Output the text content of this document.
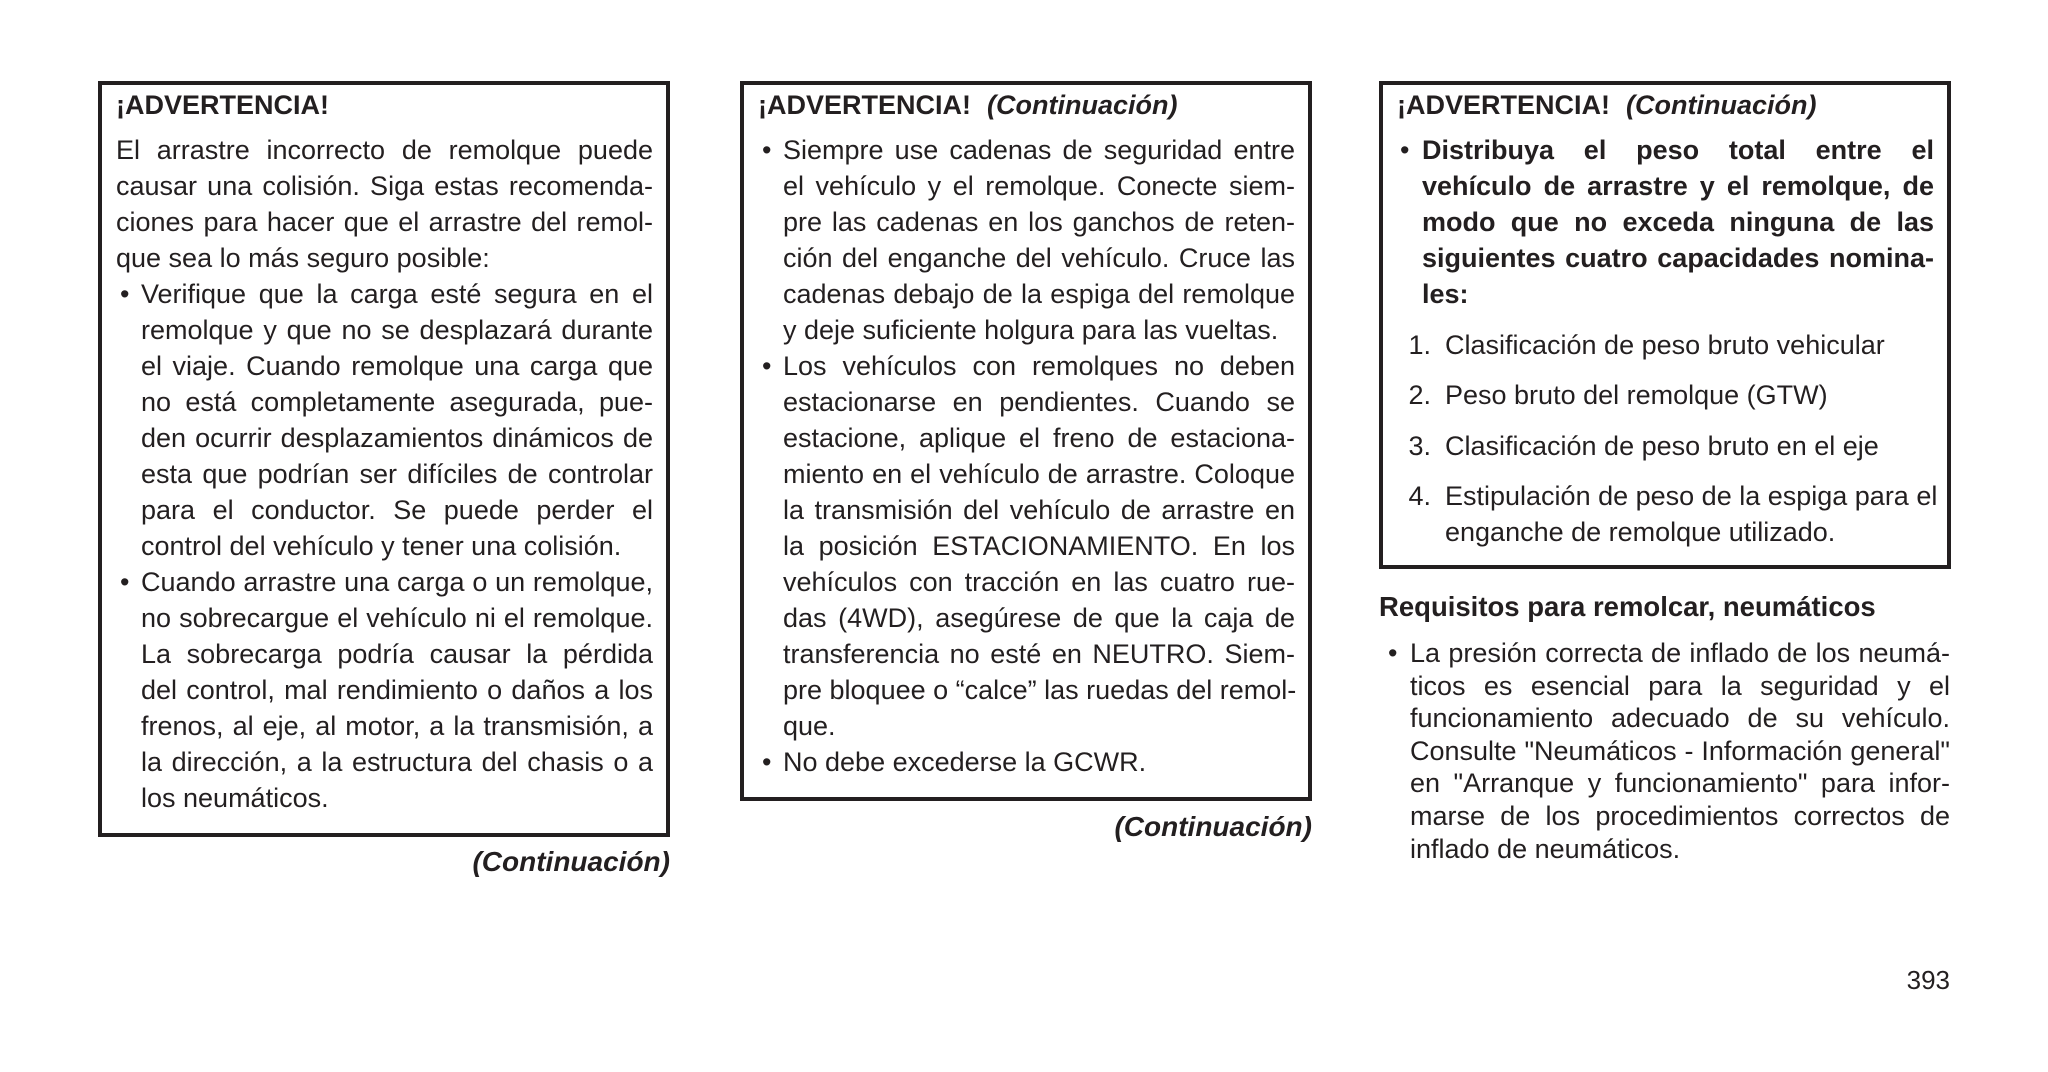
¡ADVERTENCIA!
El arrastre incorrecto de remolque puede
causar una colisión. Siga estas recomenda-
ciones para hacer que el arrastre del remol-
que sea lo más seguro posible:
• Verifique que la carga esté segura en el
remolque y que no se desplazará durante
el viaje. Cuando remolque una carga que
no está completamente asegurada, pue-
den ocurrir desplazamientos dinámicos de
esta que podrían ser difíciles de controlar
para el conductor. Se puede perder el
control del vehículo y tener una colisión.
• Cuando arrastre una carga o un remolque,
no sobrecargue el vehículo ni el remolque.
La sobrecarga podría causar la pérdida
del control, mal rendimiento o daños a los
frenos, al eje, al motor, a la transmisión, a
la dirección, a la estructura del chasis o a
los neumáticos.
(Continuación)
¡ADVERTENCIA! (Continuación)
• Siempre use cadenas de seguridad entre
el vehículo y el remolque. Conecte siem-
pre las cadenas en los ganchos de reten-
ción del enganche del vehículo. Cruce las
cadenas debajo de la espiga del remolque
y deje suficiente holgura para las vueltas.
• Los vehículos con remolques no deben
estacionarse en pendientes. Cuando se
estacione, aplique el freno de estaciona-
miento en el vehículo de arrastre. Coloque
la transmisión del vehículo de arrastre en
la posición ESTACIONAMIENTO. En los
vehículos con tracción en las cuatro rue-
das (4WD), asegúrese de que la caja de
transferencia no esté en NEUTRO. Siem-
pre bloquee o “calce” las ruedas del remol-
que.
• No debe excederse la GCWR.
(Continuación)
¡ADVERTENCIA! (Continuación)
• Distribuya el peso total entre el
vehículo de arrastre y el remolque, de
modo que no exceda ninguna de las
siguientes cuatro capacidades nomina-
les:
1. Clasificación de peso bruto vehicular
2. Peso bruto del remolque (GTW)
3. Clasificación de peso bruto en el eje
4. Estipulación de peso de la espiga para el
enganche de remolque utilizado.
Requisitos para remolcar, neumáticos
• La presión correcta de inflado de los neumá-
ticos es esencial para la seguridad y el
funcionamiento adecuado de su vehículo.
Consulte "Neumáticos - Información general"
en "Arranque y funcionamiento" para infor-
marse de los procedimientos correctos de
inflado de neumáticos.
393
